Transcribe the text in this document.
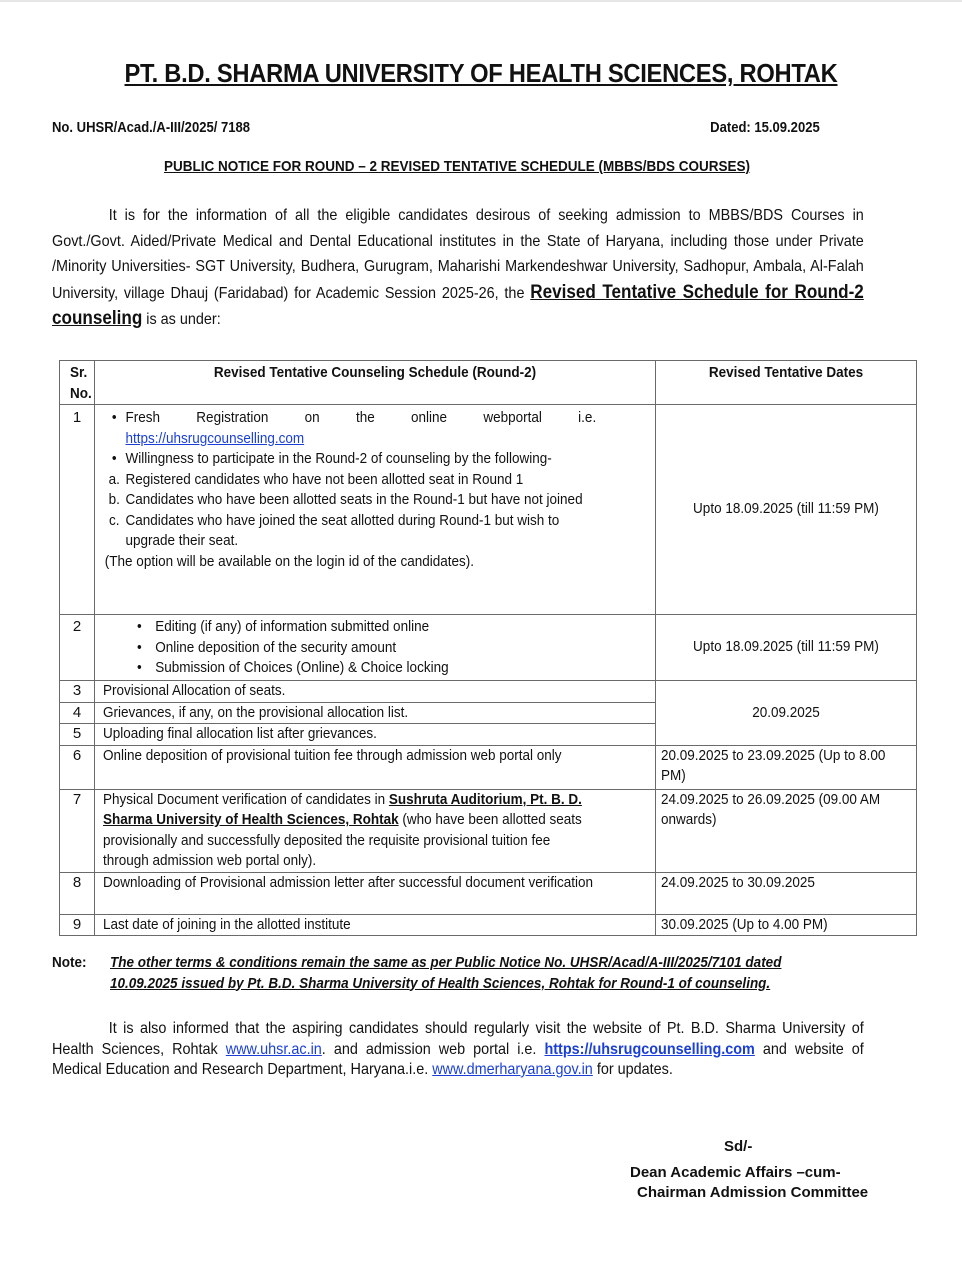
PT. B.D. SHARMA UNIVERSITY OF HEALTH SCIENCES, ROHTAK
No. UHSR/Acad./A-III/2025/ 7188	Dated: 15.09.2025
PUBLIC NOTICE FOR ROUND – 2 REVISED TENTATIVE SCHEDULE (MBBS/BDS COURSES)
It is for the information of all the eligible candidates desirous of seeking admission to MBBS/BDS Courses in Govt./Govt. Aided/Private Medical and Dental Educational institutes in the State of Haryana, including those under Private /Minority Universities- SGT University, Budhera, Gurugram, Maharishi Markendeshwar University, Sadhopur, Ambala, Al-Falah University, village Dhauj (Faridabad) for Academic Session 2025-26, the Revised Tentative Schedule for Round-2 counseling is as under:
Sr. No.	Revised Tentative Counseling Schedule (Round-2)	Revised Tentative Dates

1	• Fresh Registration on the online webportal i.e.
https://uhsrugcounselling.com
• Willingness to participate in the Round-2 of counseling by the following-
a. Registered candidates who have not been allotted seat in Round 1
b. Candidates who have been allotted seats in the Round-1 but have not joined
c. Candidates who have joined the seat allotted during Round-1 but wish to upgrade their seat.
(The option will be available on the login id of the candidates).

Upto 18.09.2025 (till 11:59 PM)

2	• Editing (if any) of information submitted online
• Online deposition of the security amount
• Submission of Choices (Online) & Choice locking

Upto 18.09.2025 (till 11:59 PM)

3	Provisional Allocation of seats.	20.09.2025

4	Grievances, if any, on the provisional allocation list.	

5	Uploading final allocation list after grievances.	

6	Online deposition of provisional tuition fee through admission web portal only	20.09.2025 to 23.09.2025 (Up to 8.00 PM)

7	Physical Document verification of candidates in Sushruta Auditorium, Pt. B. D. Sharma University of Health Sciences, Rohtak (who have been allotted seats provisionally and successfully deposited the requisite provisional tuition fee through admission web portal only).	24.09.2025 to 26.09.2025 (09.00 AM onwards)

8	Downloading of Provisional admission letter after successful document verification	24.09.2025 to 30.09.2025

9	Last date of joining in the allotted institute	30.09.2025 (Up to 4.00 PM)
Note: The other terms & conditions remain the same as per Public Notice No. UHSR/Acad/A-III/2025/7101 dated 10.09.2025 issued by Pt. B.D. Sharma University of Health Sciences, Rohtak for Round-1 of counseling.
It is also informed that the aspiring candidates should regularly visit the website of Pt. B.D. Sharma University of Health Sciences, Rohtak www.uhsr.ac.in. and admission web portal i.e. https://uhsrugcounselling.com and website of Medical Education and Research Department, Haryana.i.e. www.dmerharyana.gov.in for updates.
Sd/-
Dean Academic Affairs –cum-
Chairman Admission Committee
